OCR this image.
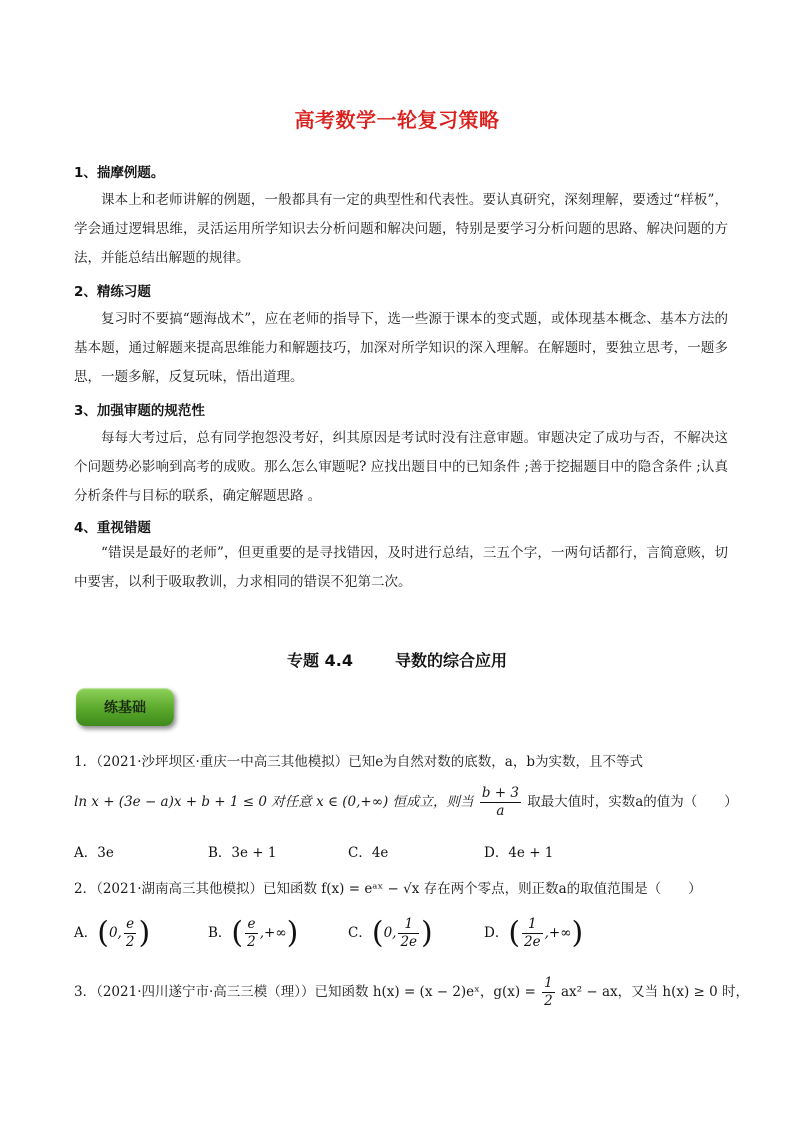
高考数学一轮复习策略
1、揣摩例题。
课本上和老师讲解的例题，一般都具有一定的典型性和代表性。要认真研究，深刻理解，要透过“样板”，学会通过逻辑思维，灵活运用所学知识去分析问题和解决问题，特别是要学习分析问题的思路、解决问题的方法，并能总结出解题的规律。
2、精练习题
复习时不要搞“题海战术”，应在老师的指导下，选一些源于课本的变式题，或体现基本概念、基本方法的基本题，通过解题来提高思维能力和解题技巧，加深对所学知识的深入理解。在解题时，要独立思考，一题多思，一题多解，反复玩味，悟出道理。
3、加强审题的规范性
每每大考过后，总有同学抱怨没考好，纠其原因是考试时没有注意审题。审题决定了成功与否，不解决这个问题势必影响到高考的成败。那么怎么审题呢? 应找出题目中的已知条件 ;善于挖掘题目中的隐含条件 ;认真分析条件与目标的联系，确定解题思路 。
4、重视错题
“错误是最好的老师”，但更重要的是寻找错因，及时进行总结，三五个字，一两句话都行，言简意赅，切中要害，以利于吸取教训，力求相同的错误不犯第二次。
专题 4.4	导数的综合应用
练基础
1．（2021·沙坪坝区·重庆一中高三其他模拟）已知e为自然对数的底数，a，b为实数，且不等式
ln x + (3e − a)x + b + 1 ≤ 0 对任意 x ∈ (0,+∞) 恒成立，则当 $\frac{b + 3}{a}$ 取最大值时，实数a的值为（　　）
A．3e	B．3e + 1	C．4e	D．4e + 1
2．（2021·湖南高三其他模拟）已知函数 f(x) = eᵃˣ − √x 存在两个零点，则正数a的取值范围是（　　）
A．(0, $\frac{e}{2}$ )	B．( $\frac{e}{2}$ ,+∞)	C．(0, $\frac{1}{2e}$ )	D．( $\frac{1}{2e}$ ,+∞)
3．（2021·四川遂宁市·高三三模（理））已知函数 h(x) = (x − 2)eˣ，$g(x) = \frac{1}{2} ax^2$ − ax，又当 h(x) ≥ 0 时，
